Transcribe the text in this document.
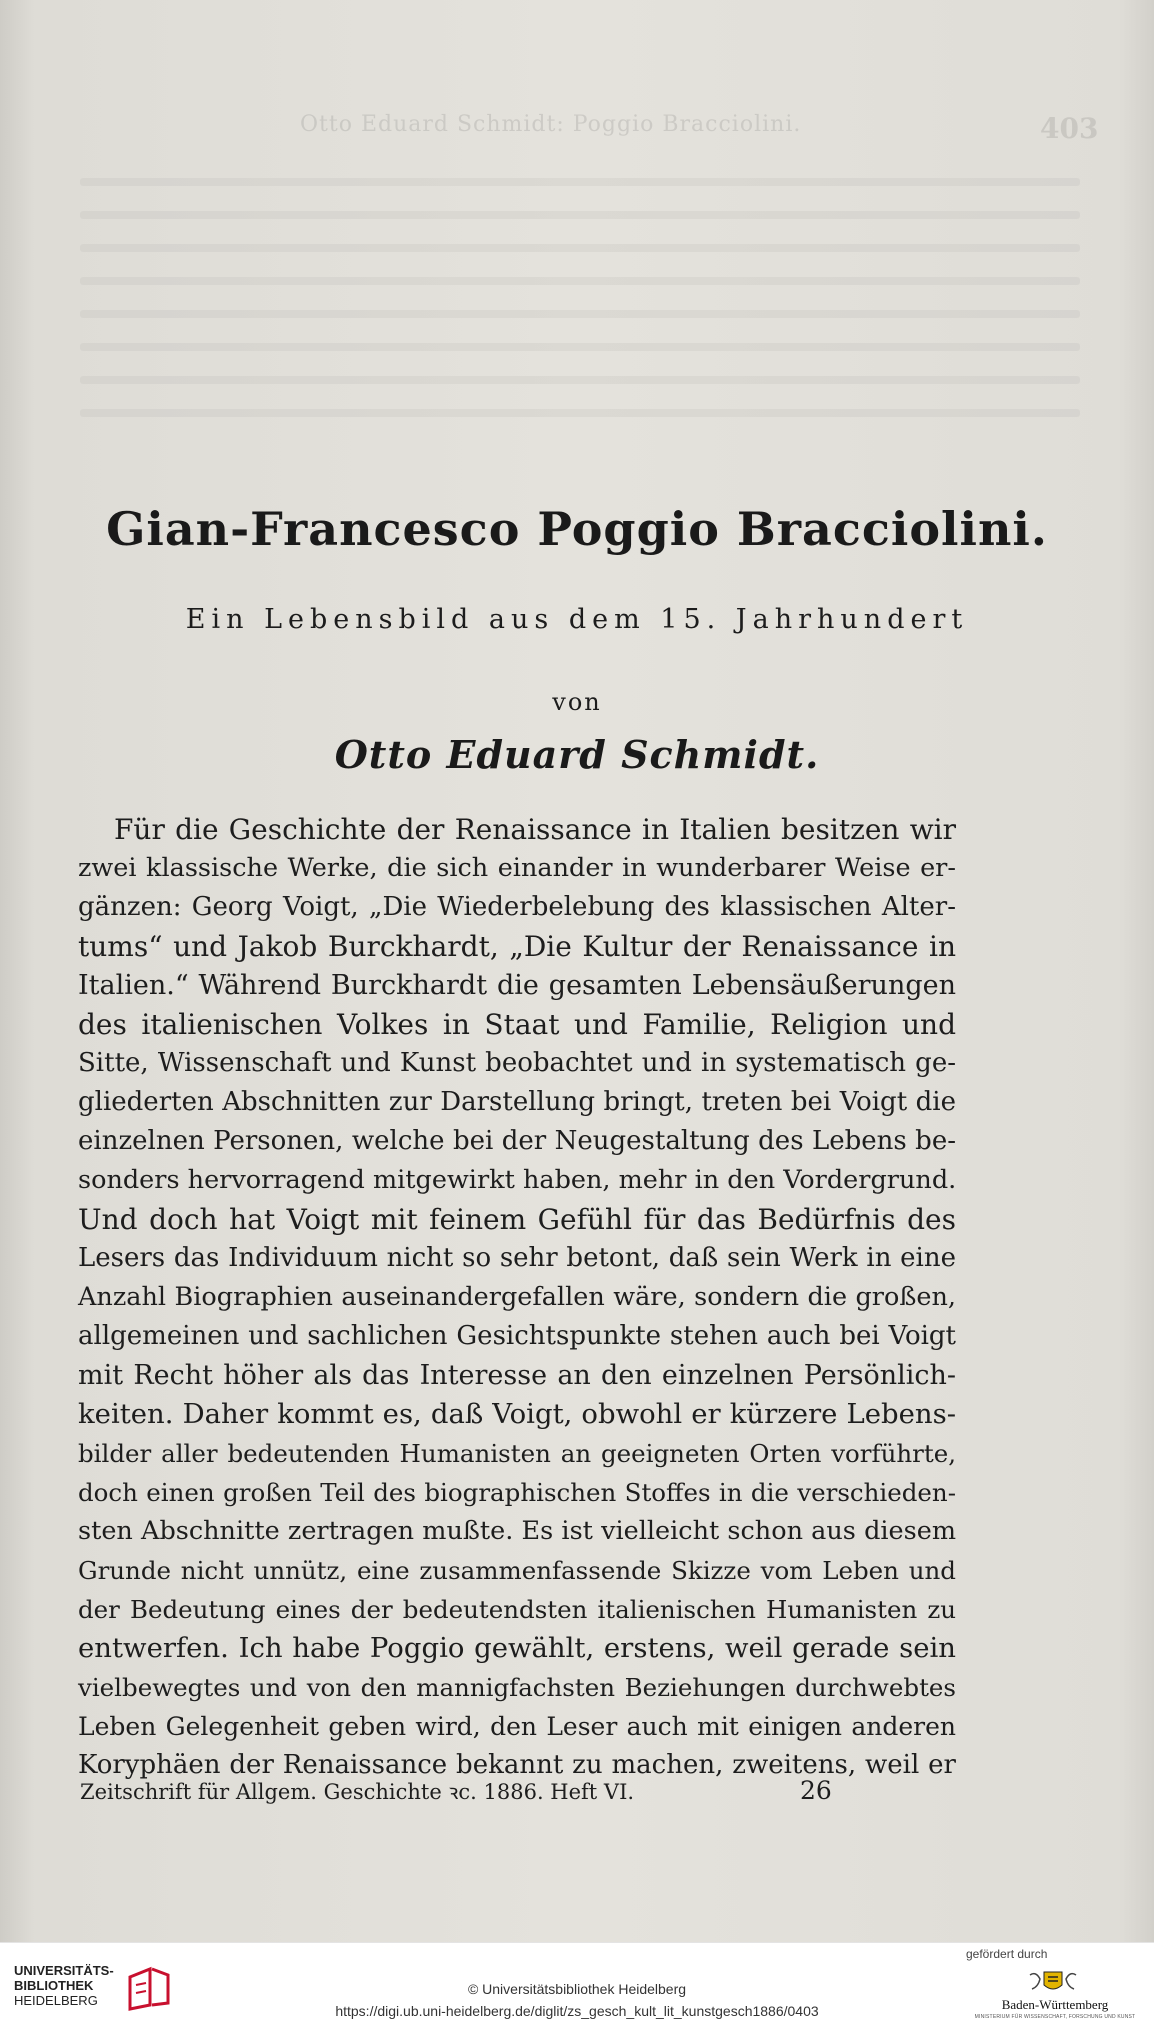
Otto Eduard Schmidt: Poggio Bracciolini.	403
Gian-Francesco Poggio Bracciolini.
Ein Lebensbild aus dem 15. Jahrhundert
von
Otto Eduard Schmidt.
Für die Geschichte der Renaissance in Italien besitzen wir
zwei klassische Werke, die sich einander in wunderbarer Weise er-
gänzen: Georg Voigt, „Die Wiederbelebung des klassischen Alter-
tums“ und Jakob Burckhardt, „Die Kultur der Renaissance in
Italien.“ Während Burckhardt die gesamten Lebensäußerungen
des italienischen Volkes in Staat und Familie, Religion und
Sitte, Wissenschaft und Kunst beobachtet und in systematisch ge-
gliederten Abschnitten zur Darstellung bringt, treten bei Voigt die
einzelnen Personen, welche bei der Neugestaltung des Lebens be-
sonders hervorragend mitgewirkt haben, mehr in den Vordergrund.
Und doch hat Voigt mit feinem Gefühl für das Bedürfnis des
Lesers das Individuum nicht so sehr betont, daß sein Werk in eine
Anzahl Biographien auseinandergefallen wäre, sondern die großen,
allgemeinen und sachlichen Gesichtspunkte stehen auch bei Voigt
mit Recht höher als das Interesse an den einzelnen Persönlich-
keiten. Daher kommt es, daß Voigt, obwohl er kürzere Lebens-
bilder aller bedeutenden Humanisten an geeigneten Orten vorführte,
doch einen großen Teil des biographischen Stoffes in die verschieden-
sten Abschnitte zertragen mußte. Es ist vielleicht schon aus diesem
Grunde nicht unnütz, eine zusammenfassende Skizze vom Leben und
der Bedeutung eines der bedeutendsten italienischen Humanisten zu
entwerfen. Ich habe Poggio gewählt, erstens, weil gerade sein
vielbewegtes und von den mannigfachsten Beziehungen durchwebtes
Leben Gelegenheit geben wird, den Leser auch mit einigen anderen
Koryphäen der Renaissance bekannt zu machen, zweitens, weil er
Zeitschrift für Allgem. Geschichte ꝛc. 1886. Heft VI.	26
UNIVERSITÄTS-
BIBLIOTHEK
HEIDELBERG
© Universitätsbibliothek Heidelberg
https://digi.ub.uni-heidelberg.de/diglit/zs_gesch_kult_lit_kunstgesch1886/0403
gefördert durch
Baden-Württemberg
MINISTERIUM FÜR WISSENSCHAFT, FORSCHUNG UND KUNST
